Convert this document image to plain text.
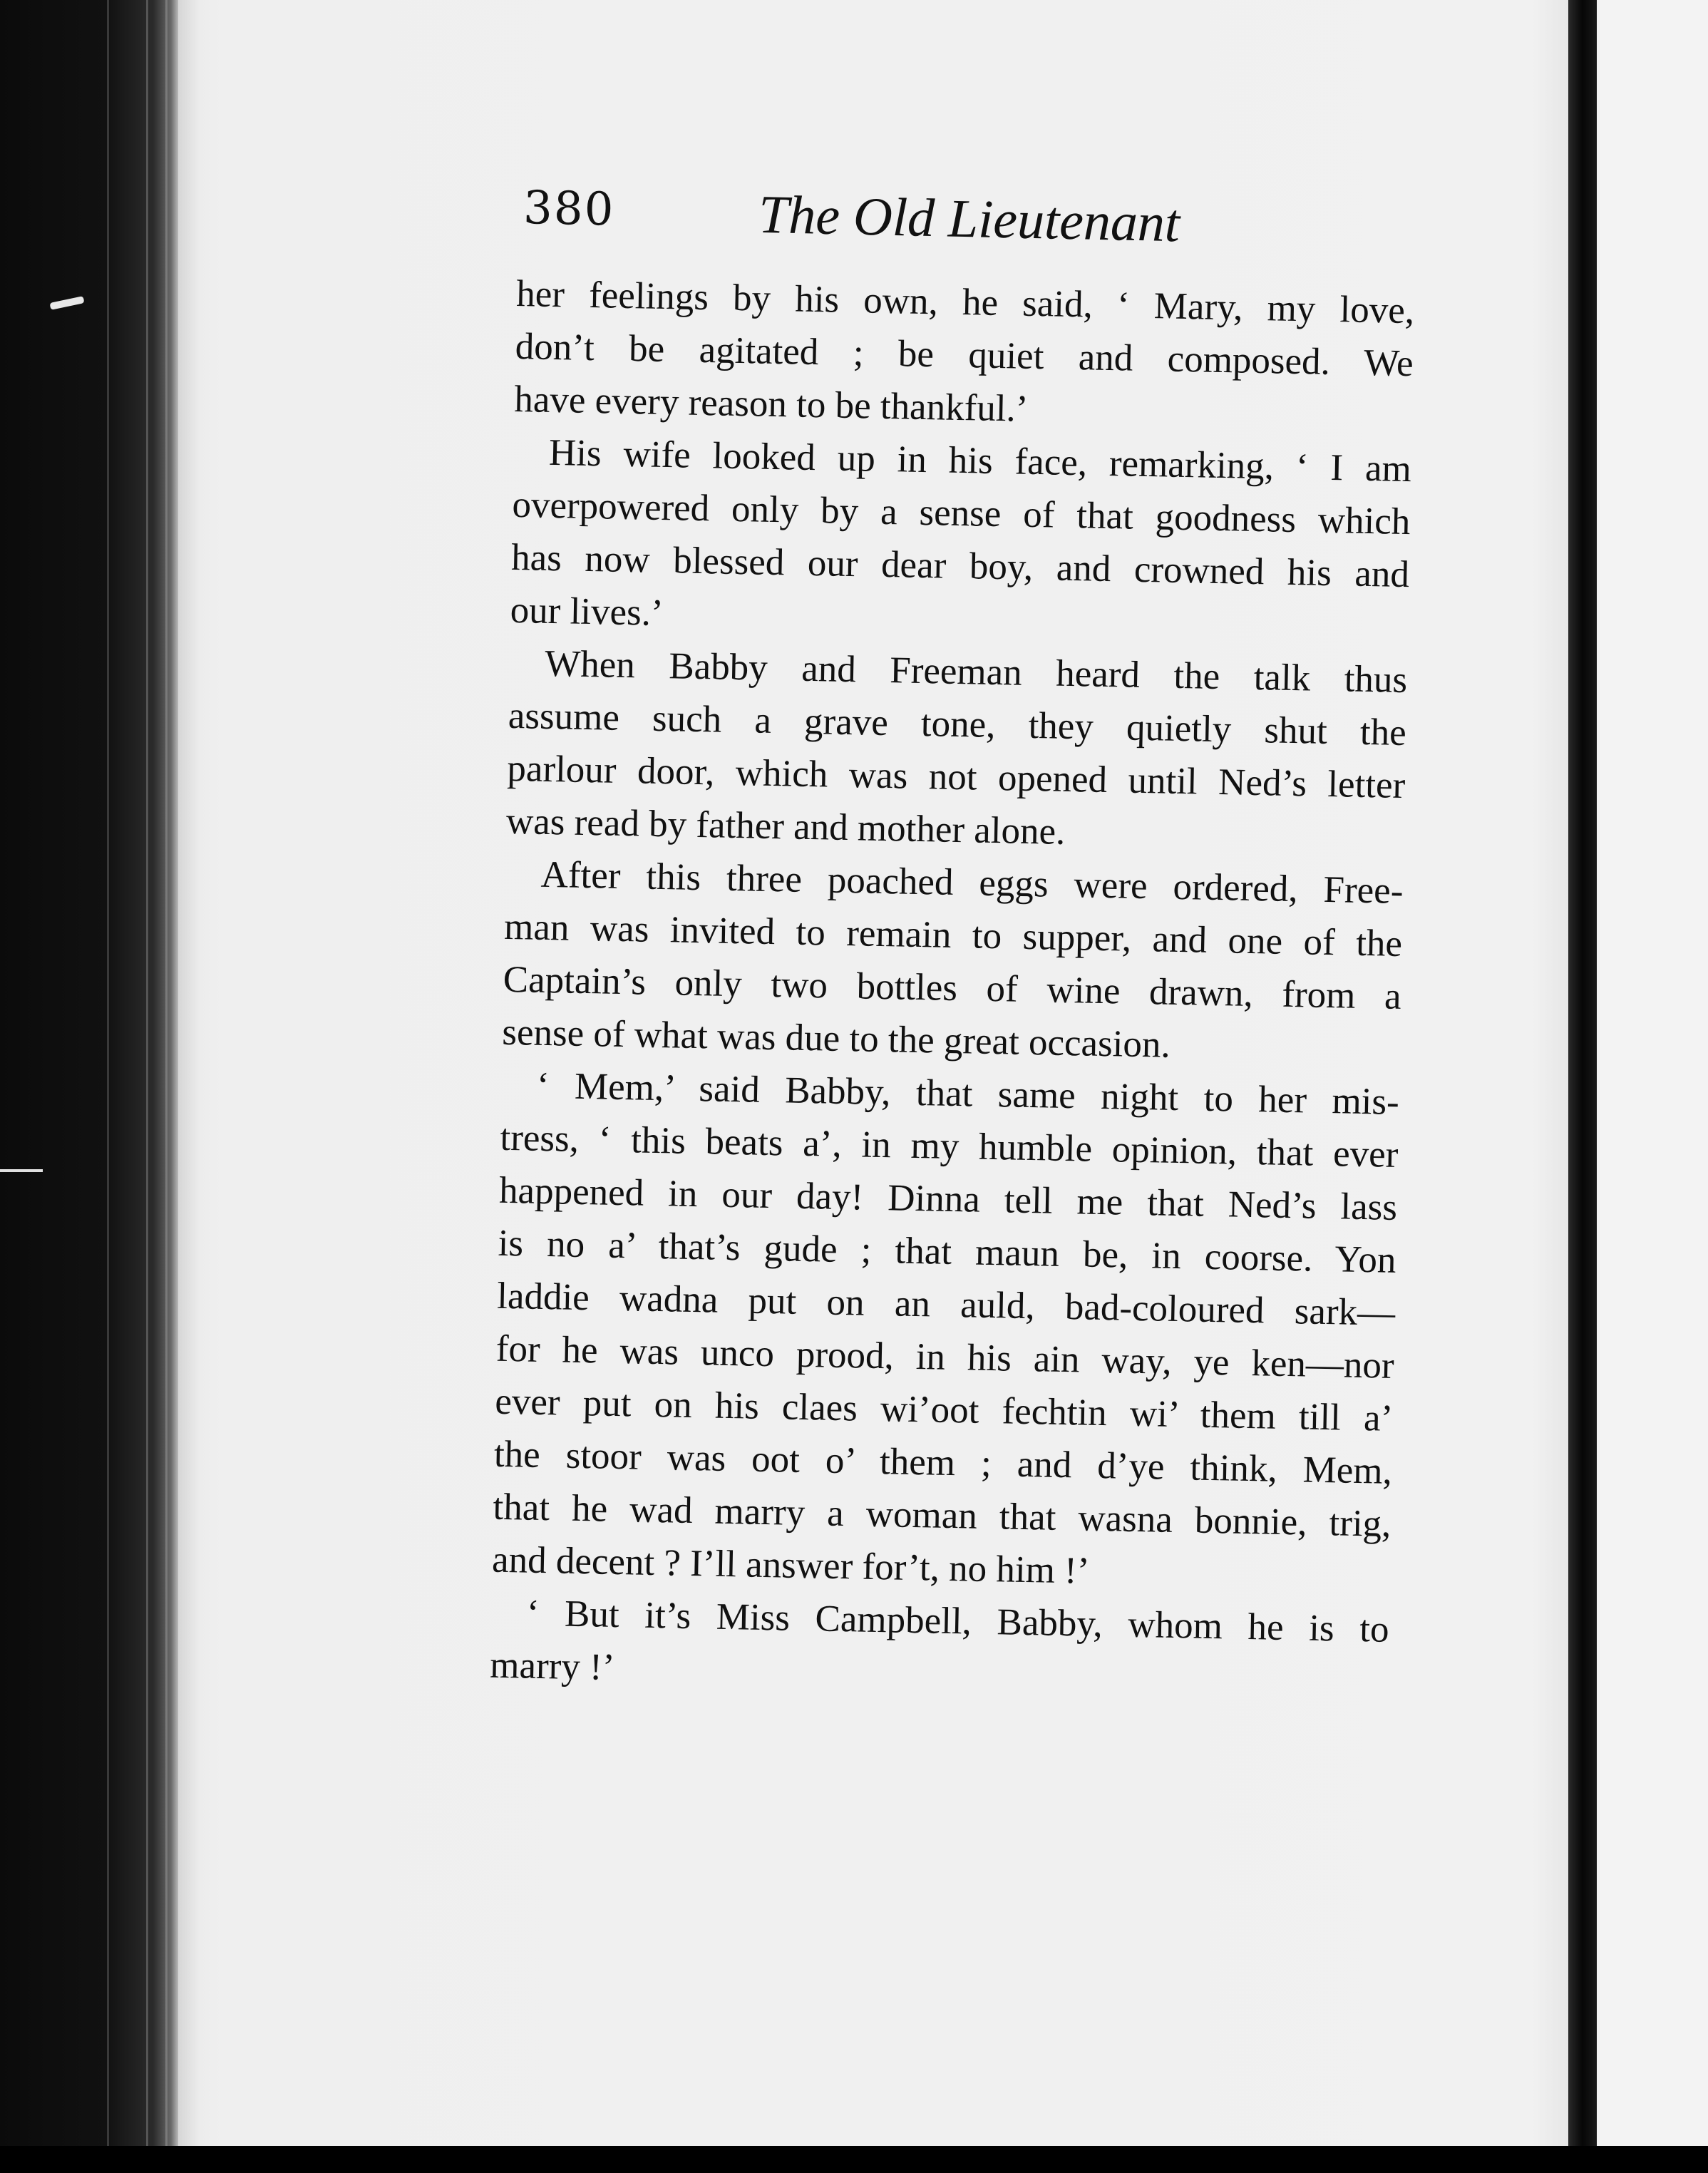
380	The Old Lieutenant

her feelings by his own, he said, ‘ Mary, my love,
don’t be agitated ; be quiet and composed. We
have every reason to be thankful.’

His wife looked up in his face, remarking, ‘ I am
overpowered only by a sense of that goodness which
has now blessed our dear boy, and crowned his and
our lives.’

When Babby and Freeman heard the talk thus
assume such a grave tone, they quietly shut the
parlour door, which was not opened until Ned’s letter
was read by father and mother alone.

After this three poached eggs were ordered, Free-
man was invited to remain to supper, and one of the
Captain’s only two bottles of wine drawn, from a
sense of what was due to the great occasion.

‘ Mem,’ said Babby, that same night to her mis-
tress, ‘ this beats a’, in my humble opinion, that ever
happened in our day! Dinna tell me that Ned’s lass
is no a’ that’s gude ; that maun be, in coorse. Yon
laddie wadna put on an auld, bad-coloured sark—
for he was unco prood, in his ain way, ye ken—nor
ever put on his claes wi’oot fechtin wi’ them till a’
the stoor was oot o’ them ; and d’ye think, Mem,
that he wad marry a woman that wasna bonnie, trig,
and decent ? I’ll answer for’t, no him !’

‘ But it’s Miss Campbell, Babby, whom he is to
marry !’
